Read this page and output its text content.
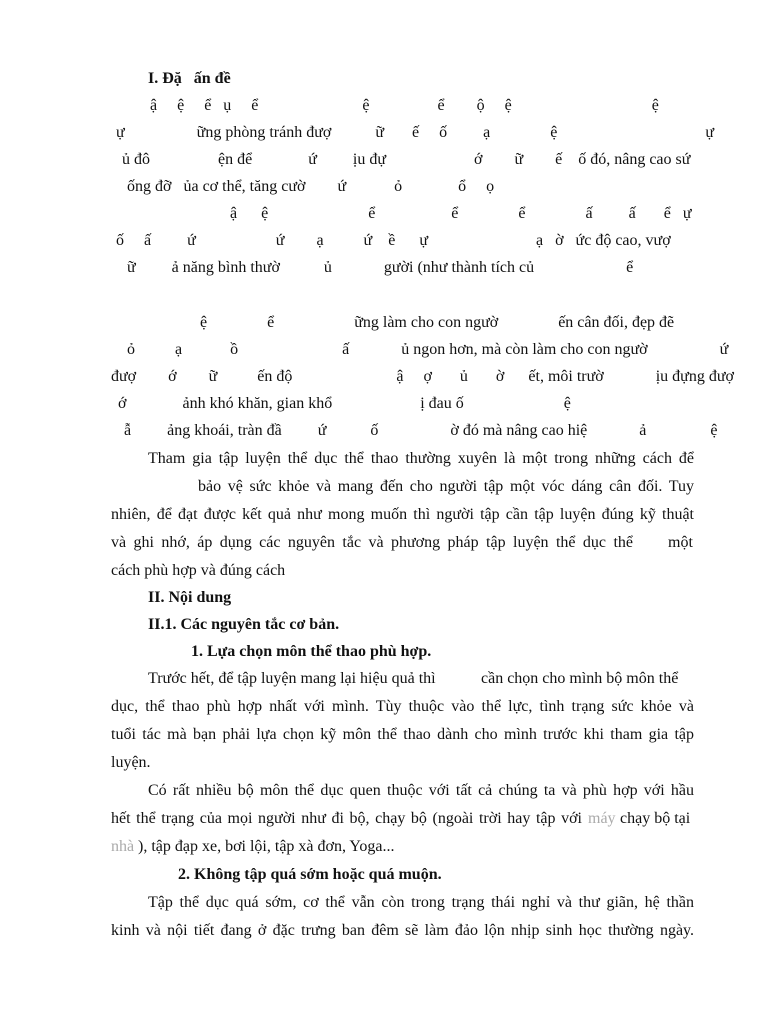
I. Đặ   ấn đề
ậ     ệ     ể   ụ     ể                          ệ                 ể        ộ     ệ                                   ệ
ự                  ững phòng tránh đượ           ữ       ế     ố         ạ               ệ                                     ự
ủ đô                 ện để              ứ         ịu đự                      ớ        ữ        ế    ố đó, nâng cao sứ
ống đỡ   ủa cơ thể, tăng cườ        ứ            ỏ              ổ     ọ
ậ      ệ                         ể                   ể               ể               ấ         ấ       ể   ự
ố     ấ         ứ                    ứ        ạ          ứ    ề      ự                           ạ   ờ   ức độ cao, vượ
ữ         ả năng bình thườ           ủ             gười (như thành tích củ                       ể
ệ               ể                    ững làm cho con ngườ               ến cân đối, đẹp đẽ
ỏ          ạ            ồ                          ấ             ủ ngon hơn, mà còn làm cho con ngườ                  ứ
đượ        ớ        ữ          ến độ                          ậ     ợ       ủ       ờ      ết, môi trườ             ịu đựng đượ
ớ              ảnh khó khăn, gian khổ                      ị đau ố                         ệ
ẫ         ảng khoái, tràn đầ         ứ           ố                  ờ đó mà nâng cao hiệ             ả                ệ
Tham gia tập luyện thể dục thể thao thường xuyên là một trong những cách để
bảo vệ sức khỏe và mang đến cho người tập một vóc dáng cân đối. Tuy
nhiên, để đạt được kết quả như mong muốn thì người tập cần tập luyện đúng kỹ thuật
và ghi nhớ, áp dụng các nguyên tắc và phương pháp tập luyện thể dục thể một
cách phù hợp và đúng cách
II. Nội dung
II.1. Các nguyên tắc cơ bản.
1. Lựa chọn môn thể thao phù hợp.
Trước hết, để tập luyện mang lại hiệu quả thì	cần chọn cho mình bộ môn thể
dục, thể thao phù hợp nhất với mình. Tùy thuộc vào thể lực, tình trạng sức khỏe và
tuổi tác mà bạn phải lựa chọn kỹ môn thể thao dành cho mình trước khi tham gia tập
luyện.
Có rất nhiều bộ môn thể dục quen thuộc với tất cả chúng ta và phù hợp với hầu
hết thể trạng của mọi người như đi bộ, chạy bộ (ngoài trời hay tập với máy chạy bộ tại
nhà ), tập đạp xe, bơi lội, tập xà đơn, Yoga...
2. Không tập quá sớm hoặc quá muộn.
Tập thể dục quá sớm, cơ thể vẫn còn trong trạng thái nghỉ và thư giãn, hệ thần
kinh và nội tiết đang ở đặc trưng ban đêm sẽ làm đảo lộn nhịp sinh học thường ngày.
